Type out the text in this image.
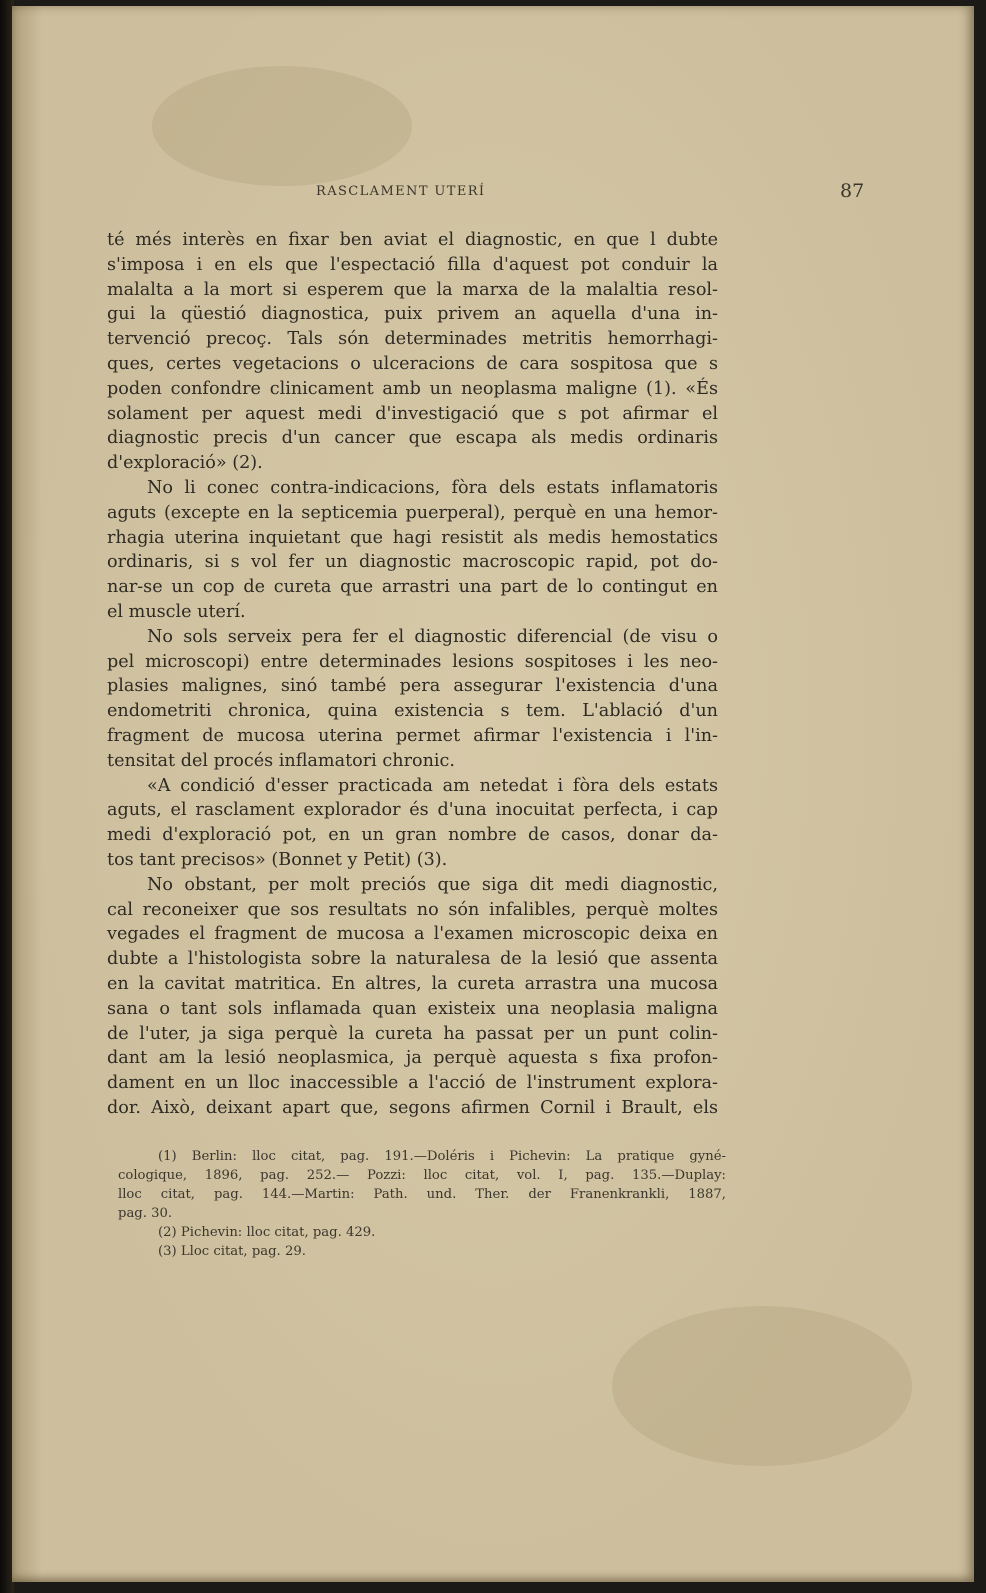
RASCLAMENT UTERÍ	87
té més interès en fixar ben aviat el diagnostic, en que l dubte
s'imposa i en els que l'espectació filla d'aquest pot conduir la
malalta a la mort si esperem que la marxa de la malaltia resol-
gui la qüestió diagnostica, puix privem an aquella d'una in-
tervenció precoç. Tals són determinades metritis hemorrhagi-
ques, certes vegetacions o ulceracions de cara sospitosa que s
poden confondre clinicament amb un neoplasma maligne (1). «És
solament per aquest medi d'investigació que s pot afirmar el
diagnostic precis d'un cancer que escapa als medis ordinaris
d'exploració» (2).
No li conec contra-indicacions, fòra dels estats inflamatoris
aguts (excepte en la septicemia puerperal), perquè en una hemor-
rhagia uterina inquietant que hagi resistit als medis hemostatics
ordinaris, si s vol fer un diagnostic macroscopic rapid, pot do-
nar-se un cop de cureta que arrastri una part de lo contingut en
el muscle uterí.
No sols serveix pera fer el diagnostic diferencial (de visu o
pel microscopi) entre determinades lesions sospitoses i les neo-
plasies malignes, sinó també pera assegurar l'existencia d'una
endometriti chronica, quina existencia s tem. L'ablació d'un
fragment de mucosa uterina permet afirmar l'existencia i l'in-
tensitat del procés inflamatori chronic.
«A condició d'esser practicada am netedat i fòra dels estats
aguts, el rasclament explorador és d'una inocuitat perfecta, i cap
medi d'exploració pot, en un gran nombre de casos, donar da-
tos tant precisos» (Bonnet y Petit) (3).
No obstant, per molt preciós que siga dit medi diagnostic,
cal reconeixer que sos resultats no són infalibles, perquè moltes
vegades el fragment de mucosa a l'examen microscopic deixa en
dubte a l'histologista sobre la naturalesa de la lesió que assenta
en la cavitat matritica. En altres, la cureta arrastra una mucosa
sana o tant sols inflamada quan existeix una neoplasia maligna
de l'uter, ja siga perquè la cureta ha passat per un punt colin-
dant am la lesió neoplasmica, ja perquè aquesta s fixa profon-
dament en un lloc inaccessible a l'acció de l'instrument explora-
dor. Això, deixant apart que, segons afirmen Cornil i Brault, els
(1) Berlin: lloc citat, pag. 191.—Doléris i Pichevin: La pratique gyné-
cologique, 1896, pag. 252.— Pozzi: lloc citat, vol. I, pag. 135.—Duplay:
lloc citat, pag. 144.—Martin: Path. und. Ther. der Franenkrankli, 1887,
pag. 30.
(2) Pichevin: lloc citat, pag. 429.
(3) Lloc citat, pag. 29.
